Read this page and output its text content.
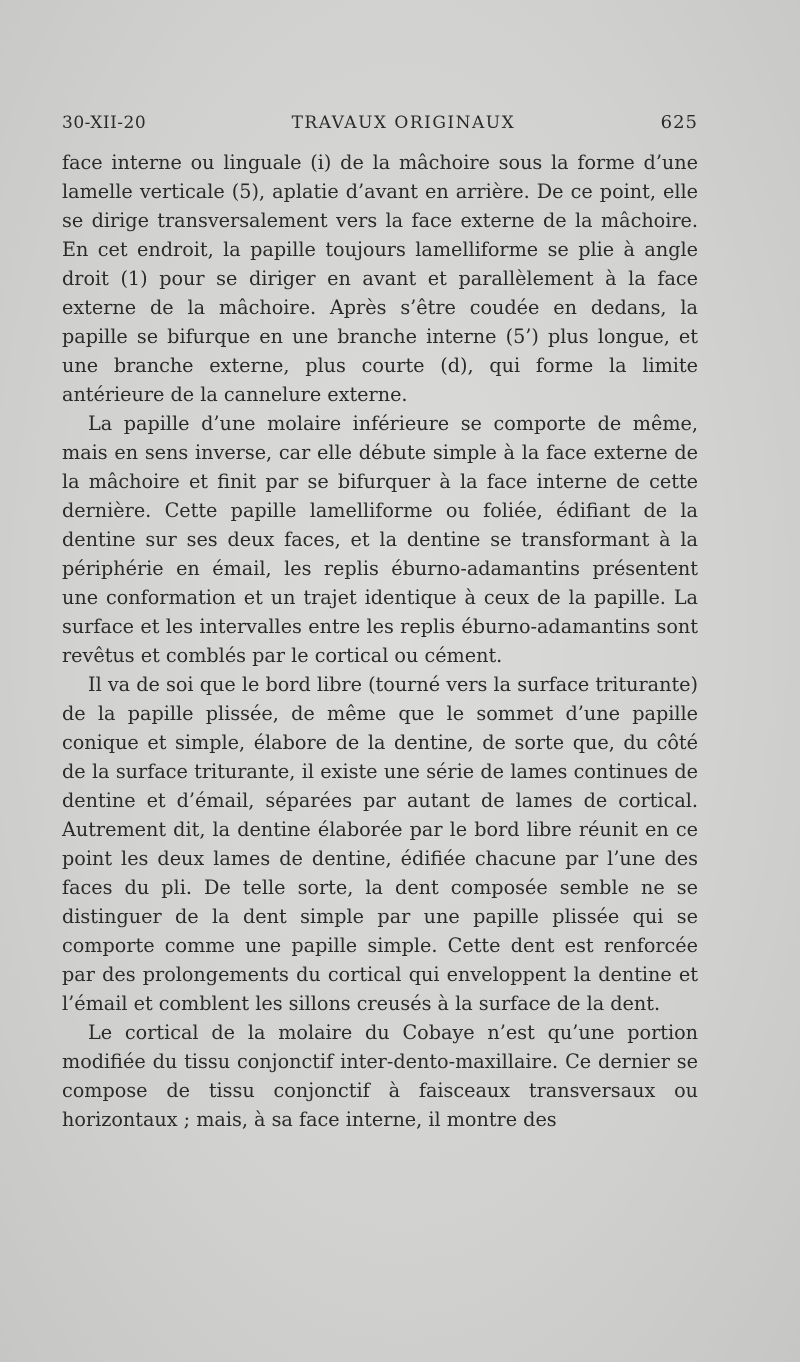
30-XII-20	TRAVAUX ORIGINAUX	625

face interne ou linguale (i) de la mâchoire sous la forme d’une lamelle verticale (5), aplatie d’avant en arrière. De ce point, elle se dirige transversalement vers la face externe de la mâchoire. En cet endroit, la papille toujours lamelliforme se plie à angle droit (1) pour se diriger en avant et parallèlement à la face externe de la mâchoire. Après s’être coudée en dedans, la papille se bifurque en une branche interne (5’) plus longue, et une branche externe, plus courte (d), qui forme la limite antérieure de la cannelure externe.

La papille d’une molaire inférieure se comporte de même, mais en sens inverse, car elle débute simple à la face externe de la mâchoire et finit par se bifurquer à la face interne de cette dernière. Cette papille lamelliforme ou foliée, édifiant de la dentine sur ses deux faces, et la dentine se transformant à la périphérie en émail, les replis éburno-adamantins présentent une conformation et un trajet identique à ceux de la papille. La surface et les intervalles entre les replis éburno-adamantins sont revêtus et comblés par le cortical ou cément.

Il va de soi que le bord libre (tourné vers la surface triturante) de la papille plissée, de même que le sommet d’une papille conique et simple, élabore de la dentine, de sorte que, du côté de la surface triturante, il existe une série de lames continues de dentine et d’émail, séparées par autant de lames de cortical. Autrement dit, la dentine élaborée par le bord libre réunit en ce point les deux lames de dentine, édifiée chacune par l’une des faces du pli. De telle sorte, la dent composée semble ne se distinguer de la dent simple par une papille plissée qui se comporte comme une papille simple. Cette dent est renforcée par des prolongements du cortical qui enveloppent la dentine et l’émail et comblent les sillons creusés à la surface de la dent.

Le cortical de la molaire du Cobaye n’est qu’une portion modifiée du tissu conjonctif inter-dento-maxillaire. Ce dernier se compose de tissu conjonctif à faisceaux transversaux ou horizontaux ; mais, à sa face interne, il montre des
